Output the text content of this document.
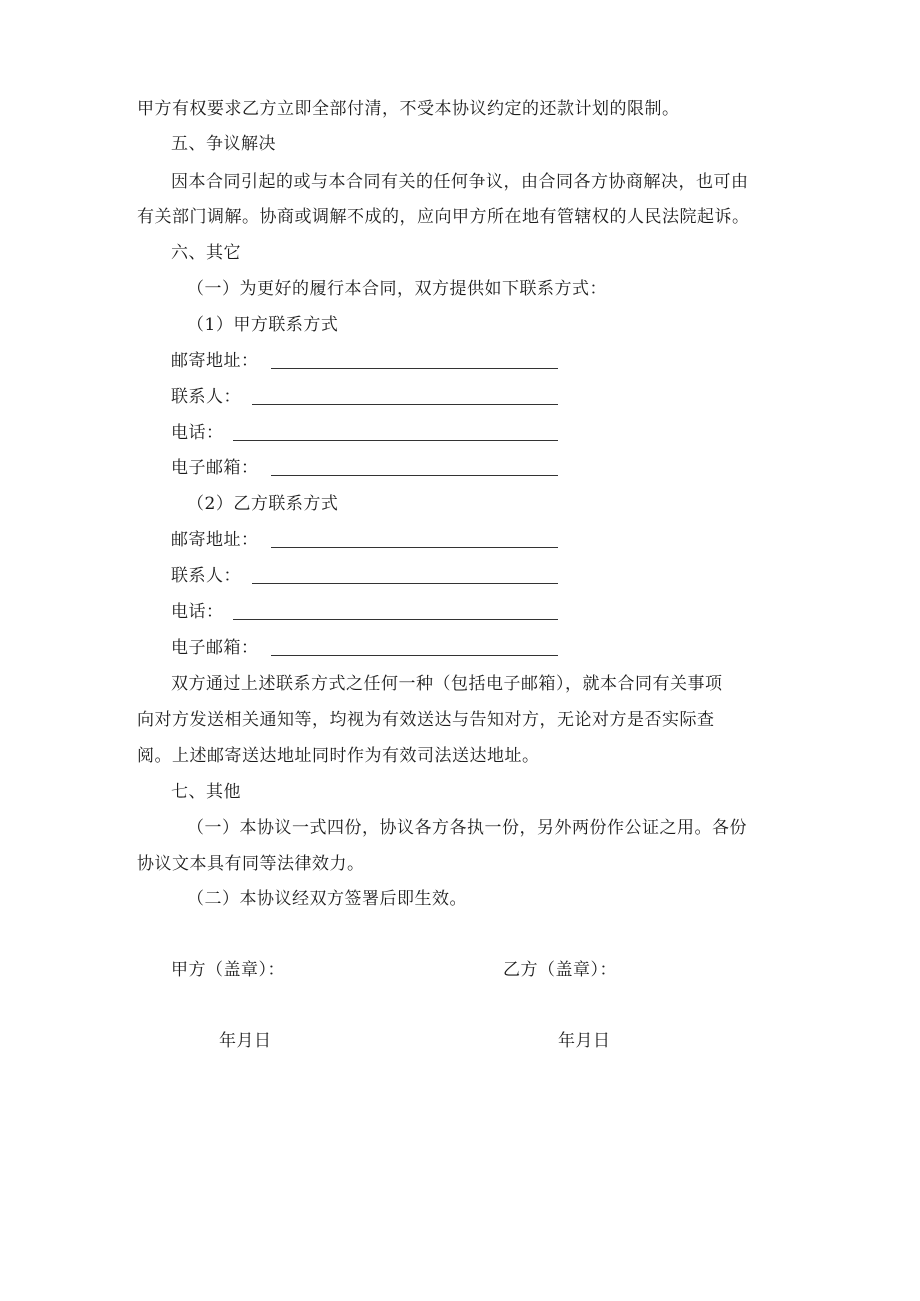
甲方有权要求乙方立即全部付清，不受本协议约定的还款计划的限制。
五、争议解决
因本合同引起的或与本合同有关的任何争议，由合同各方协商解决，也可由
有关部门调解。协商或调解不成的，应向甲方所在地有管辖权的人民法院起诉。
六、其它
（一）为更好的履行本合同，双方提供如下联系方式：
（1）甲方联系方式
邮寄地址：
联系人：
电话：
电子邮箱：
（2）乙方联系方式
邮寄地址：
联系人：
电话：
电子邮箱：
双方通过上述联系方式之任何一种（包括电子邮箱），就本合同有关事项
向对方发送相关通知等，均视为有效送达与告知对方，无论对方是否实际查
阅。上述邮寄送达地址同时作为有效司法送达地址。
七、其他
（一）本协议一式四份，协议各方各执一份，另外两份作公证之用。各份
协议文本具有同等法律效力。
（二）本协议经双方签署后即生效。
甲方（盖章）：	乙方（盖章）：
年月日	年月日
